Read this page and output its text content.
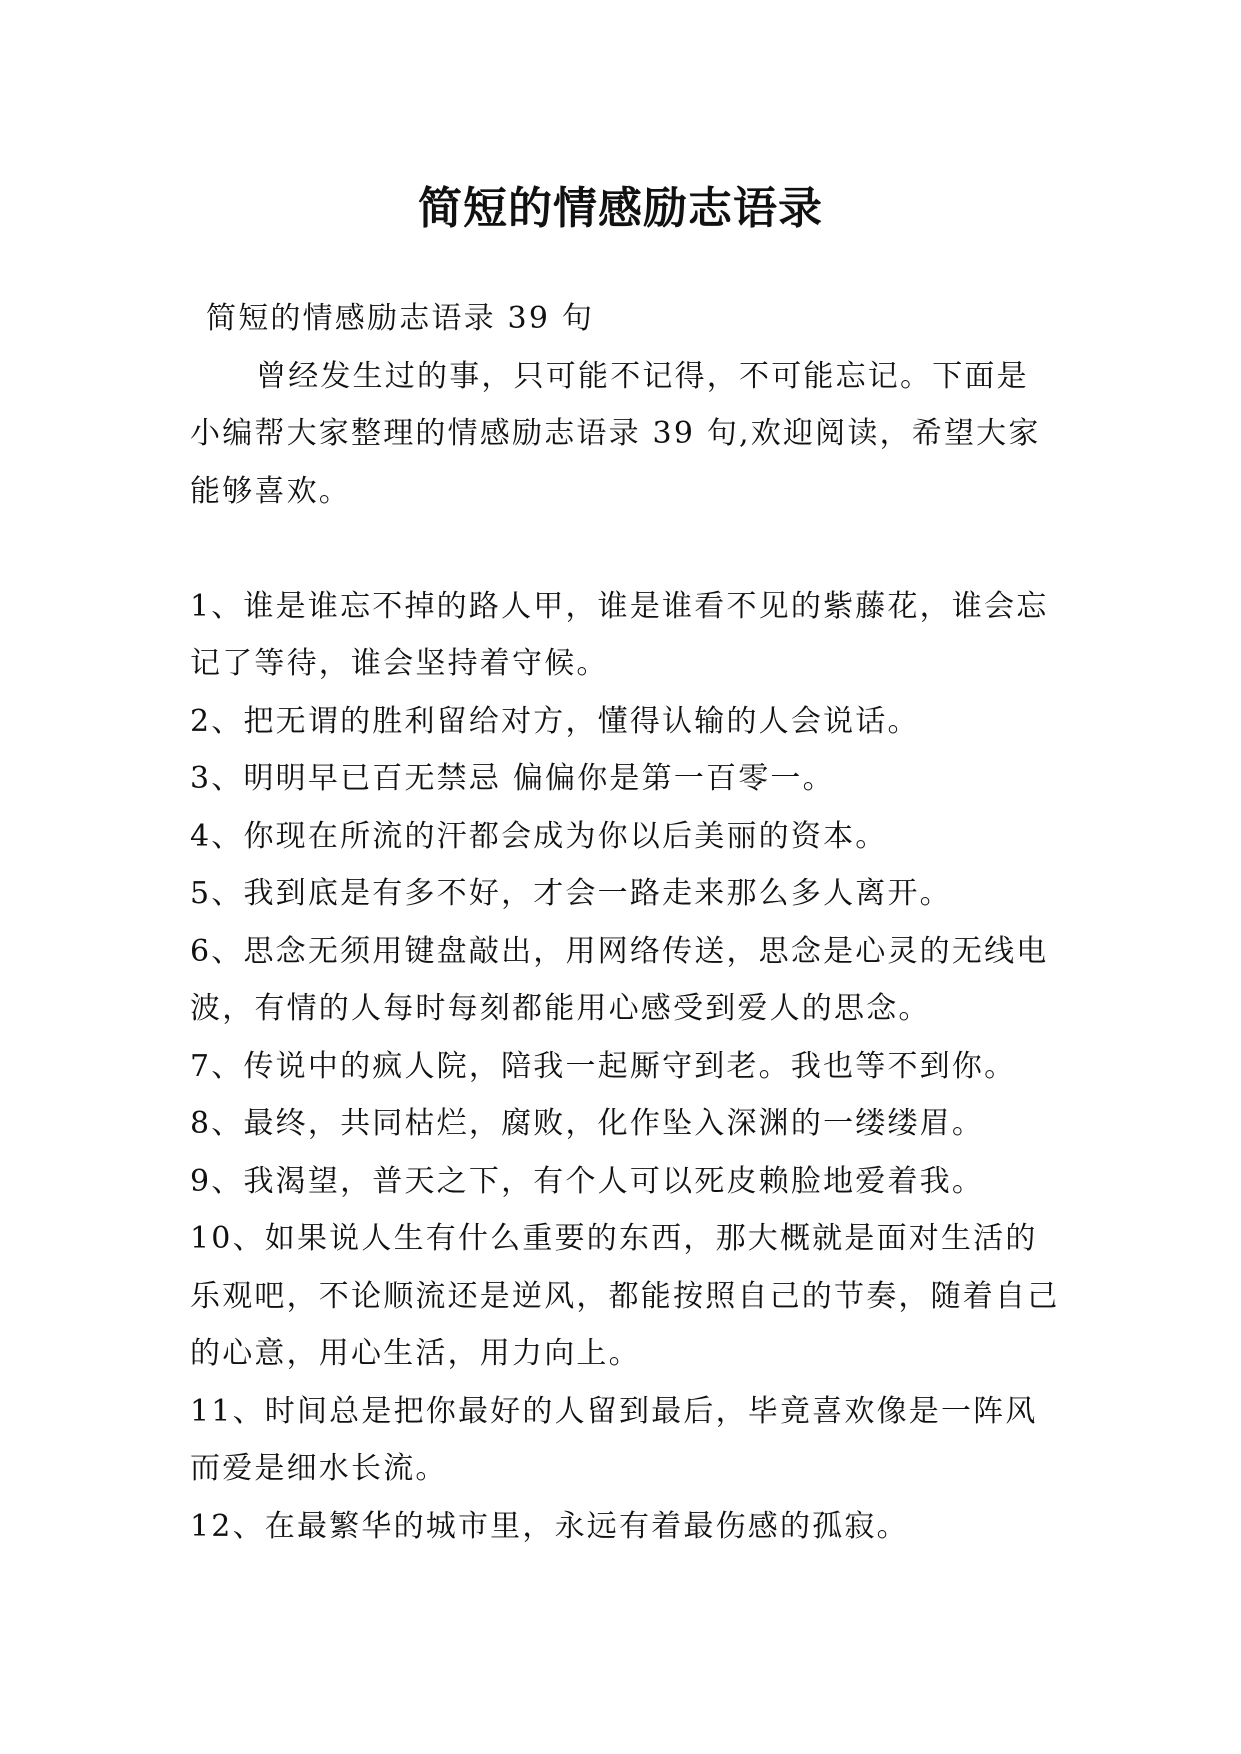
简短的情感励志语录

简短的情感励志语录 39 句

曾经发生过的事，只可能不记得，不可能忘记。下面是小编帮大家整理的情感励志语录 39 句,欢迎阅读，希望大家能够喜欢。

1、谁是谁忘不掉的路人甲，谁是谁看不见的紫藤花，谁会忘记了等待，谁会坚持着守候。
2、把无谓的胜利留给对方，懂得认输的人会说话。
3、明明早已百无禁忌 偏偏你是第一百零一。
4、你现在所流的汗都会成为你以后美丽的资本。
5、我到底是有多不好，才会一路走来那么多人离开。
6、思念无须用键盘敲出，用网络传送，思念是心灵的无线电波，有情的人每时每刻都能用心感受到爱人的思念。
7、传说中的疯人院，陪我一起厮守到老。我也等不到你。
8、最终，共同枯烂，腐败，化作坠入深渊的一缕缕眉。
9、我渴望，普天之下，有个人可以死皮赖脸地爱着我。
10、如果说人生有什么重要的东西，那大概就是面对生活的乐观吧，不论顺流还是逆风，都能按照自己的节奏，随着自己的心意，用心生活，用力向上。
11、时间总是把你最好的人留到最后，毕竟喜欢像是一阵风而爱是细水长流。
12、在最繁华的城市里，永远有着最伤感的孤寂。
